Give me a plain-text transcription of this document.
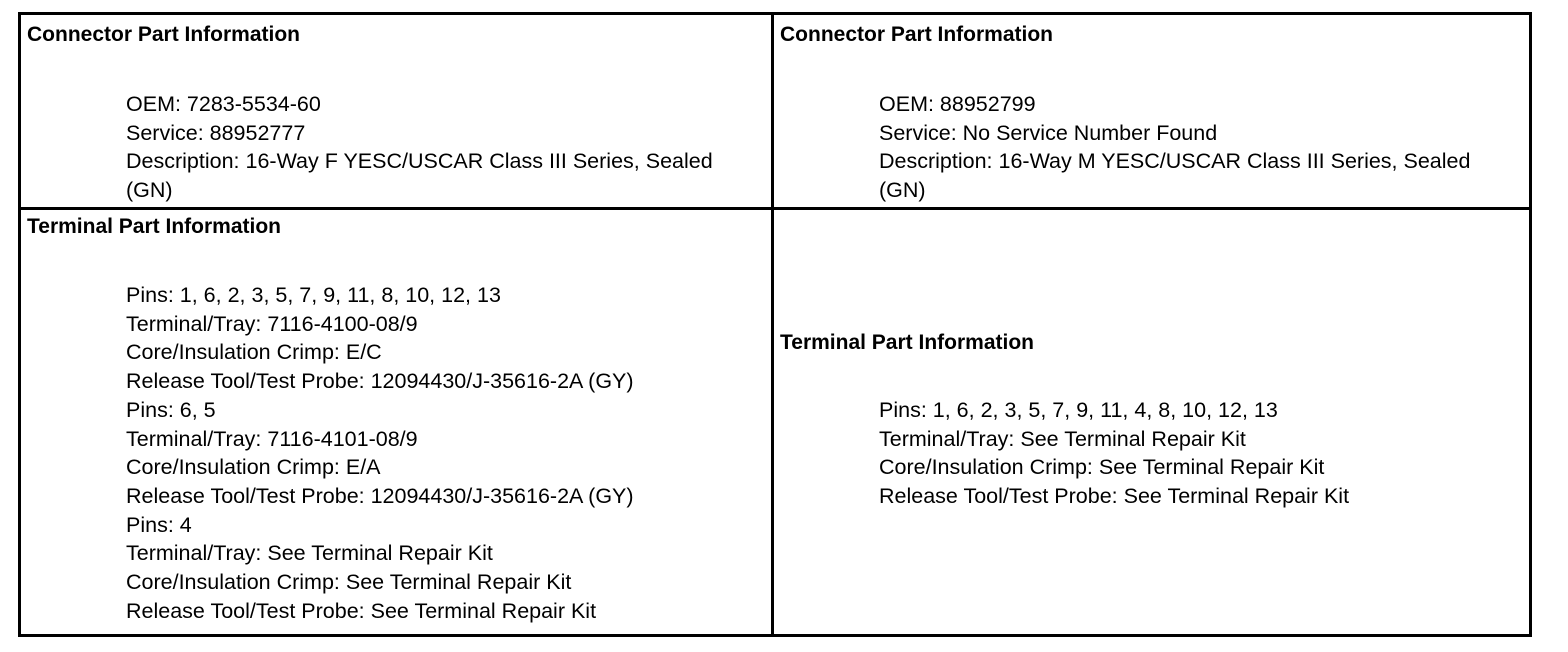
Connector Part Information

OEM: 7283-5534-60
Service: 88952777
Description: 16-Way F YESC/USCAR Class III Series, Sealed (GN)

Connector Part Information

OEM: 88952799
Service: No Service Number Found
Description: 16-Way M YESC/USCAR Class III Series, Sealed (GN)

Terminal Part Information

Pins: 1, 6, 2, 3, 5, 7, 9, 11, 8, 10, 12, 13
Terminal/Tray: 7116-4100-08/9
Core/Insulation Crimp: E/C
Release Tool/Test Probe: 12094430/J-35616-2A (GY)
Pins: 6, 5
Terminal/Tray: 7116-4101-08/9
Core/Insulation Crimp: E/A
Release Tool/Test Probe: 12094430/J-35616-2A (GY)
Pins: 4
Terminal/Tray: See Terminal Repair Kit
Core/Insulation Crimp: See Terminal Repair Kit
Release Tool/Test Probe: See Terminal Repair Kit

Terminal Part Information

Pins: 1, 6, 2, 3, 5, 7, 9, 11, 4, 8, 10, 12, 13
Terminal/Tray: See Terminal Repair Kit
Core/Insulation Crimp: See Terminal Repair Kit
Release Tool/Test Probe: See Terminal Repair Kit
